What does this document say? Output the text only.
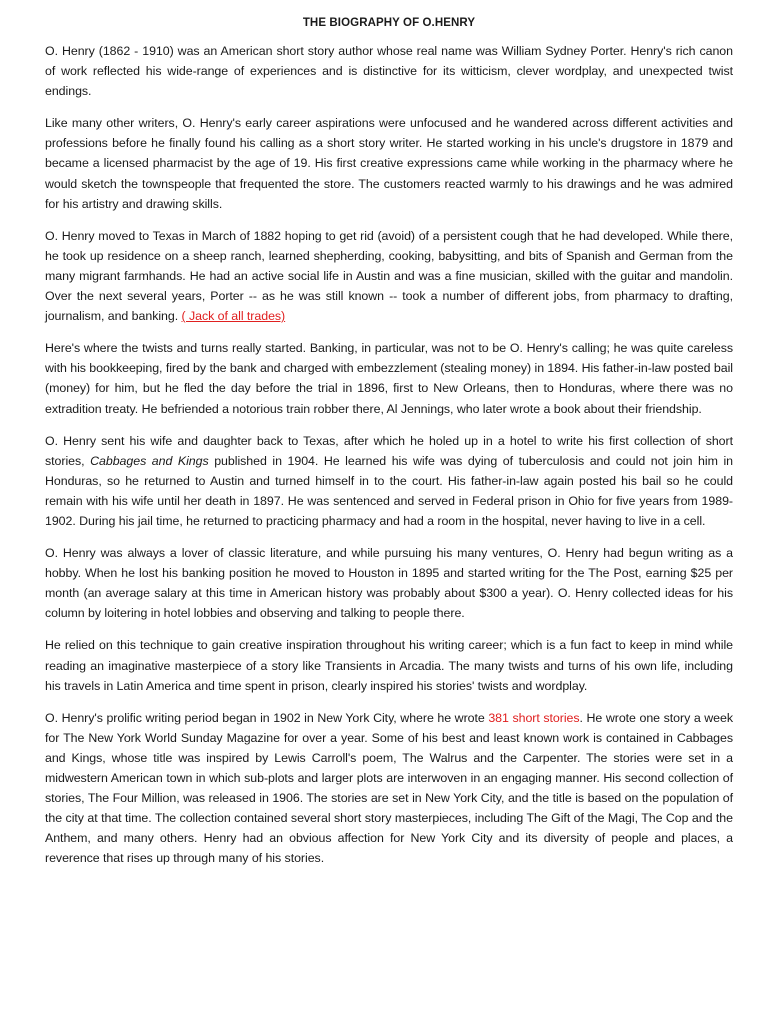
THE BIOGRAPHY OF O.HENRY

O. Henry (1862 - 1910) was an American short story author whose real name was William Sydney Porter. Henry's rich canon of work reflected his wide-range of experiences and is distinctive for its witticism, clever wordplay, and unexpected twist endings.

Like many other writers, O. Henry's early career aspirations were unfocused and he wandered across different activities and professions before he finally found his calling as a short story writer. He started working in his uncle's drugstore in 1879 and became a licensed pharmacist by the age of 19. His first creative expressions came while working in the pharmacy where he would sketch the townspeople that frequented the store. The customers reacted warmly to his drawings and he was admired for his artistry and drawing skills.

O. Henry moved to Texas in March of 1882 hoping to get rid (avoid) of a persistent cough that he had developed. While there, he took up residence on a sheep ranch, learned shepherding, cooking, babysitting, and bits of Spanish and German from the many migrant farmhands. He had an active social life in Austin and was a fine musician, skilled with the guitar and mandolin. Over the next several years, Porter -- as he was still known -- took a number of different jobs, from pharmacy to drafting, journalism, and banking. ( Jack of all trades)

Here's where the twists and turns really started. Banking, in particular, was not to be O. Henry's calling; he was quite careless with his bookkeeping, fired by the bank and charged with embezzlement (stealing money) in 1894. His father-in-law posted bail (money) for him, but he fled the day before the trial in 1896, first to New Orleans, then to Honduras, where there was no extradition treaty. He befriended a notorious train robber there, Al Jennings, who later wrote a book about their friendship.

O. Henry sent his wife and daughter back to Texas, after which he holed up in a hotel to write his first collection of short stories, Cabbages and Kings published in 1904. He learned his wife was dying of tuberculosis and could not join him in Honduras, so he returned to Austin and turned himself in to the court. His father-in-law again posted his bail so he could remain with his wife until her death in 1897. He was sentenced and served in Federal prison in Ohio for five years from 1989-1902. During his jail time, he returned to practicing pharmacy and had a room in the hospital, never having to live in a cell.

O. Henry was always a lover of classic literature, and while pursuing his many ventures, O. Henry had begun writing as a hobby. When he lost his banking position he moved to Houston in 1895 and started writing for the The Post, earning $25 per month (an average salary at this time in American history was probably about $300 a year). O. Henry collected ideas for his column by loitering in hotel lobbies and observing and talking to people there.

He relied on this technique to gain creative inspiration throughout his writing career; which is a fun fact to keep in mind while reading an imaginative masterpiece of a story like Transients in Arcadia. The many twists and turns of his own life, including his travels in Latin America and time spent in prison, clearly inspired his stories' twists and wordplay.

O. Henry's prolific writing period began in 1902 in New York City, where he wrote 381 short stories. He wrote one story a week for The New York World Sunday Magazine for over a year. Some of his best and least known work is contained in Cabbages and Kings, whose title was inspired by Lewis Carroll's poem, The Walrus and the Carpenter. The stories were set in a midwestern American town in which sub-plots and larger plots are interwoven in an engaging manner. His second collection of stories, The Four Million, was released in 1906. The stories are set in New York City, and the title is based on the population of the city at that time. The collection contained several short story masterpieces, including The Gift of the Magi, The Cop and the Anthem, and many others. Henry had an obvious affection for New York City and its diversity of people and places, a reverence that rises up through many of his stories.
